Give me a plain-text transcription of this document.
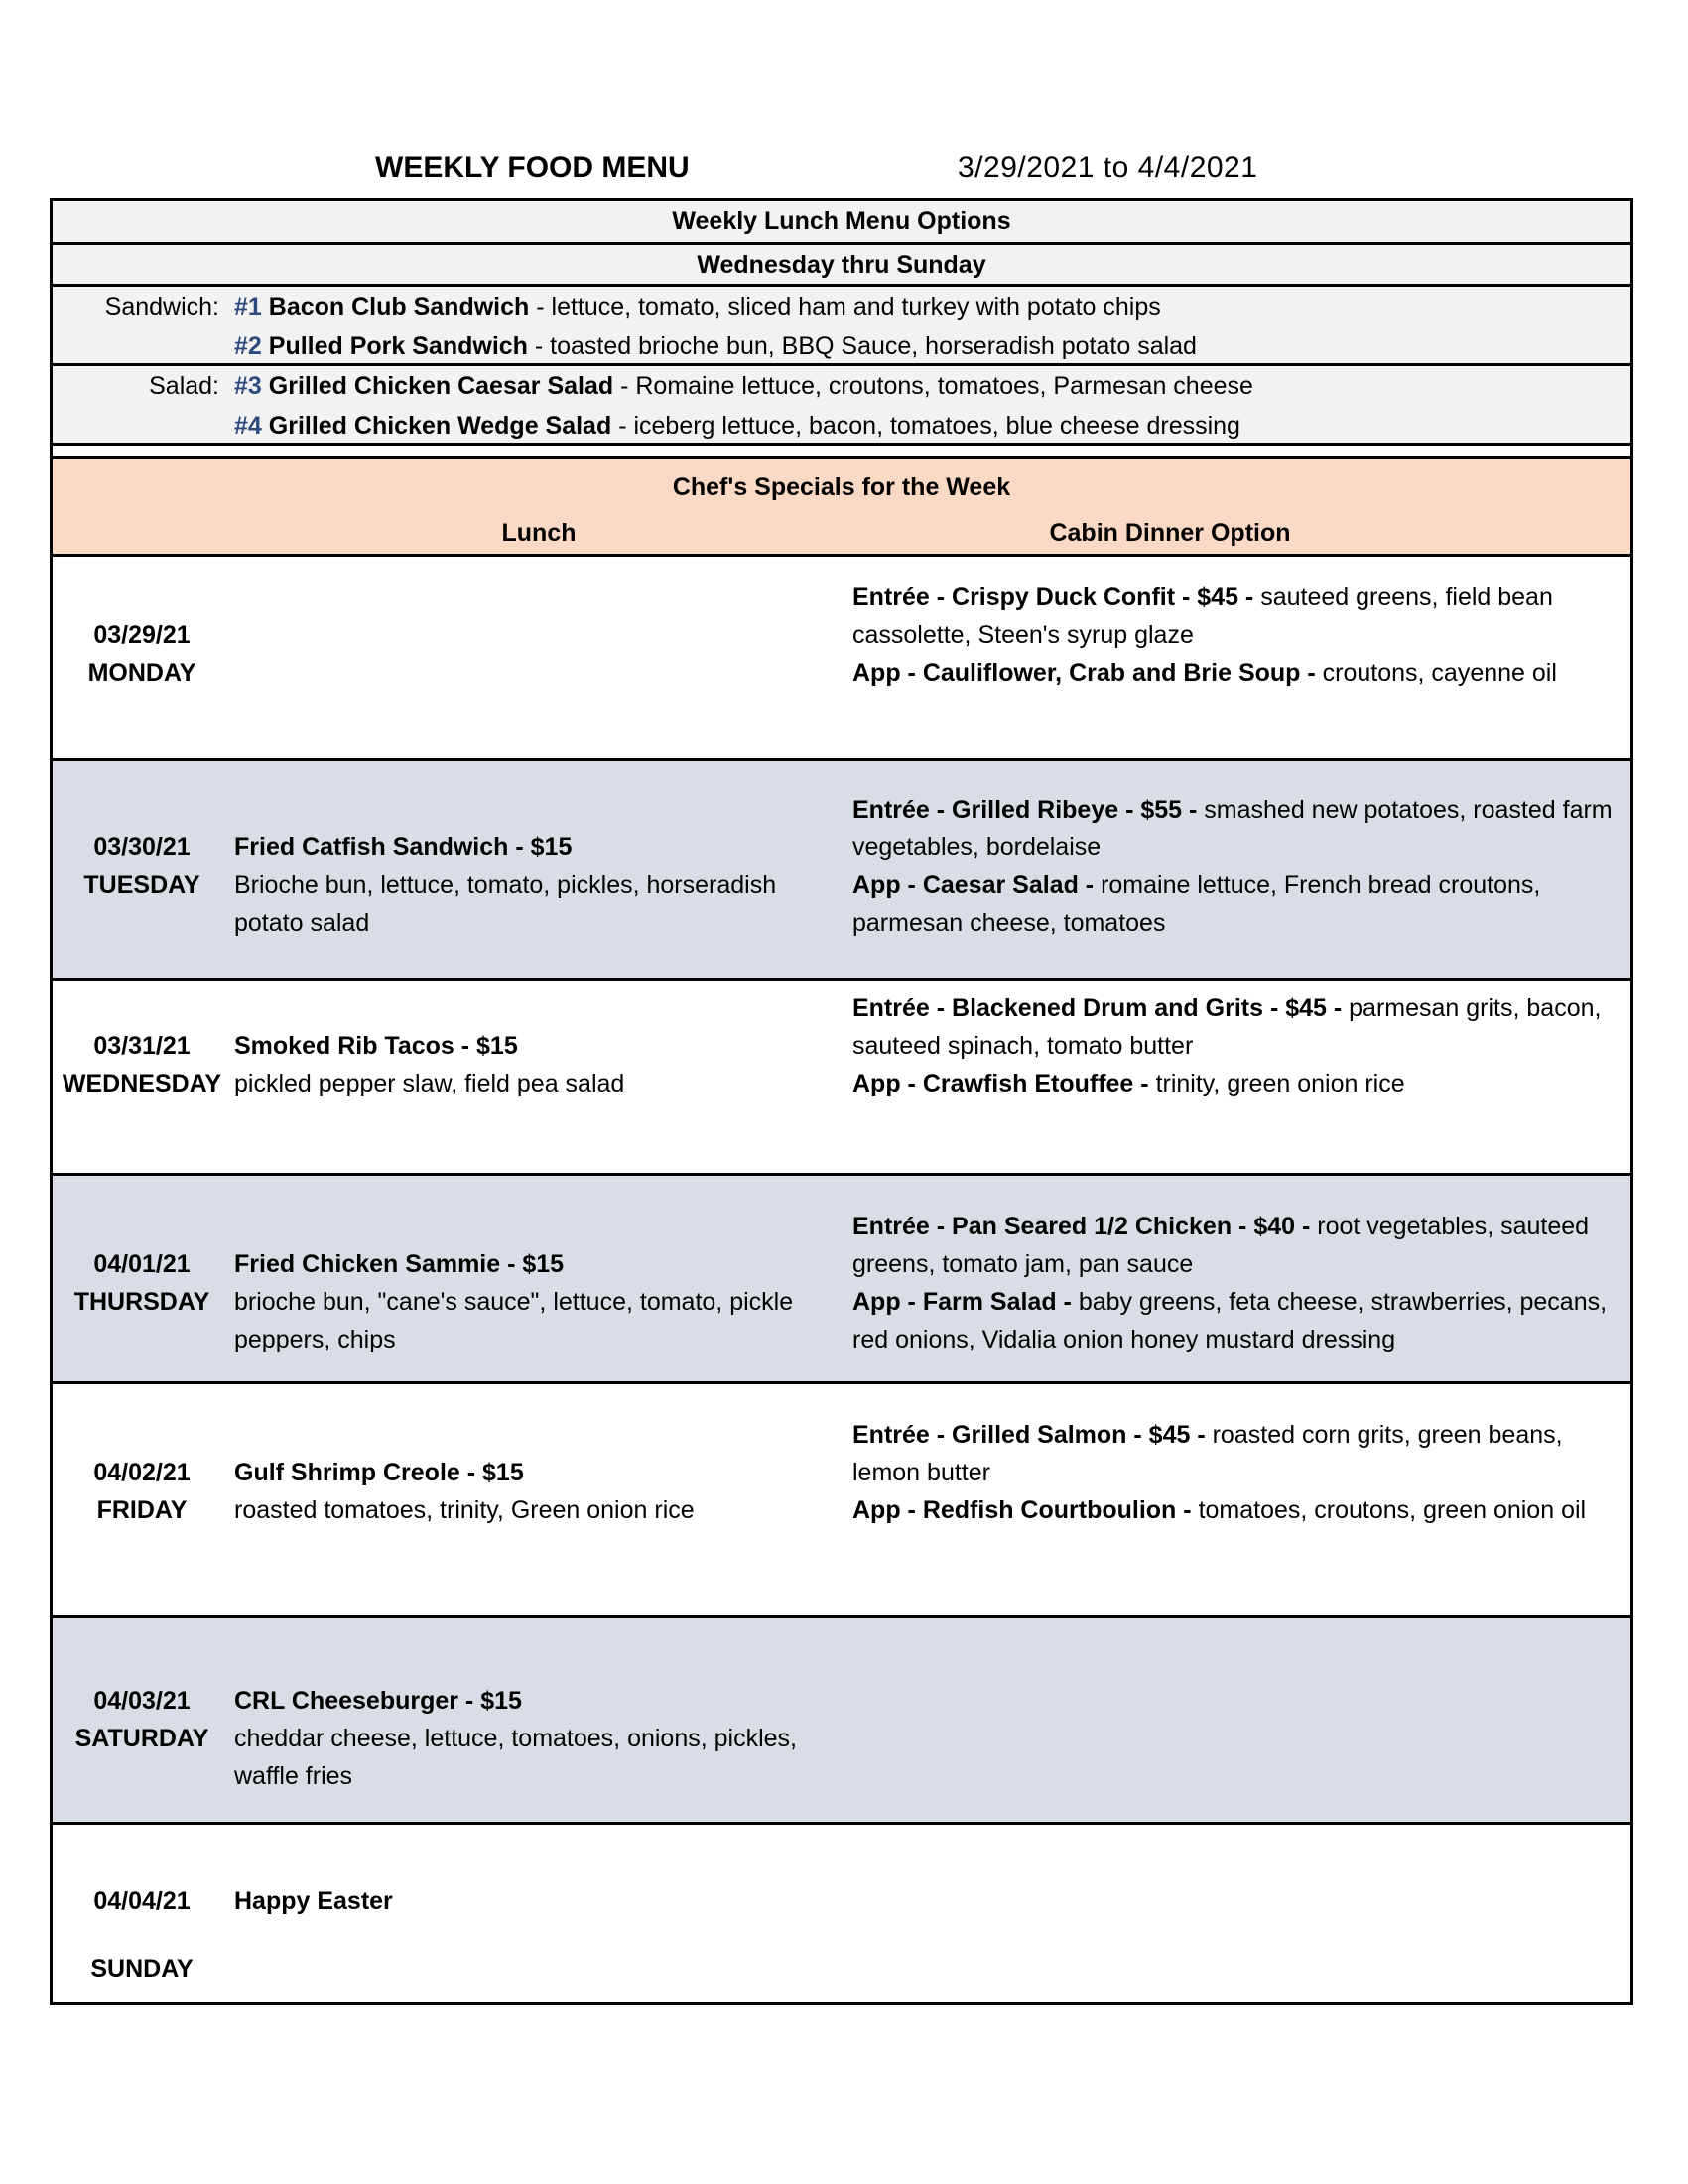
WEEKLY FOOD MENU	3/29/2021 to 4/4/2021
Weekly Lunch Menu Options
Wednesday thru Sunday
Sandwich: #1 Bacon Club Sandwich - lettuce, tomato, sliced ham and turkey with potato chips
#2 Pulled Pork Sandwich - toasted brioche bun, BBQ Sauce, horseradish potato salad
Salad: #3 Grilled Chicken Caesar Salad - Romaine lettuce, croutons, tomatoes, Parmesan cheese
#4 Grilled Chicken Wedge Salad - iceberg lettuce, bacon, tomatoes, blue cheese dressing
Chef's Specials for the Week
Lunch	Cabin Dinner Option
03/29/21
MONDAY
Entrée - Crispy Duck Confit - $45 - sauteed greens, field bean cassolette, Steen's syrup glaze
App - Cauliflower, Crab and Brie Soup - croutons, cayenne oil
03/30/21
TUESDAY
Fried Catfish Sandwich - $15
Brioche bun, lettuce, tomato, pickles, horseradish potato salad
Entrée - Grilled Ribeye - $55 - smashed new potatoes, roasted farm vegetables, bordelaise
App - Caesar Salad - romaine lettuce, French bread croutons, parmesan cheese, tomatoes
03/31/21
WEDNESDAY
Smoked Rib Tacos - $15
pickled pepper slaw, field pea salad
Entrée - Blackened Drum and Grits - $45 - parmesan grits, bacon, sauteed spinach, tomato butter
App - Crawfish Etouffee - trinity, green onion rice
04/01/21
THURSDAY
Fried Chicken Sammie - $15
brioche bun, "cane's sauce", lettuce, tomato, pickle peppers, chips
Entrée - Pan Seared 1/2 Chicken - $40 - root vegetables, sauteed greens, tomato jam, pan sauce
App - Farm Salad - baby greens, feta cheese, strawberries, pecans, red onions, Vidalia onion honey mustard dressing
04/02/21
FRIDAY
Gulf Shrimp Creole - $15
roasted tomatoes, trinity, Green onion rice
Entrée - Grilled Salmon - $45 - roasted corn grits, green beans, lemon butter
App - Redfish Courtboulion - tomatoes, croutons, green onion oil
04/03/21
SATURDAY
CRL Cheeseburger - $15
cheddar cheese, lettuce, tomatoes, onions, pickles, waffle fries
04/04/21
SUNDAY
Happy Easter
